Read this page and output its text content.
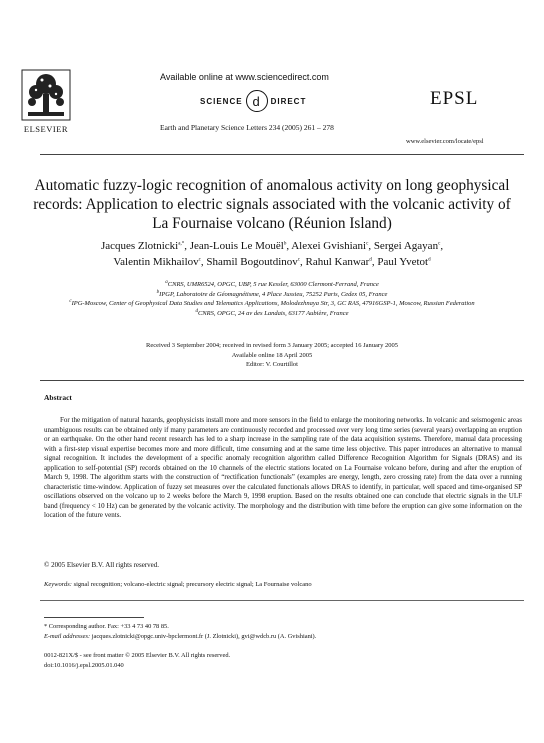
ELSEVIER
Available online at www.sciencedirect.com
SCIENCE d	DIRECT
Earth and Planetary Science Letters 234 (2005) 261 – 278
EPSL
www.elsevier.com/locate/epsl
Automatic fuzzy-logic recognition of anomalous activity on long geophysical records: Application to electric signals associated with the volcanic activity of La Fournaise volcano (Réunion Island)
Jacques Zlotnicki$^{a,*}$, Jean-Louis Le Mouël$^b$, Alexei Gvishiani$^c$, Sergei Agayan$^c$,
Valentin Mikhailov$^c$, Shamil Bogoutdinov$^c$, Rahul Kanwar$^d$, Paul Yvetot$^d$
$^a$CNRS, UMR6524, OPGC, UBP, 5 rue Kessler, 63000 Clermont-Ferrand, France
$^b$IPGP, Laboratoire de Géomagnétisme, 4 Place Jussieu, 75252 Paris, Cedex 05, France
$^c$IPG-Moscow, Center of Geophysical Data Studies and Telematics Applications, Molodezhnaya Str, 3, GC RAS, 47916GSP-1, Moscow, Russian Federation
$^d$CNRS, OPGC, 24 av des Landais, 63177 Aubière, France
Received 3 September 2004; received in revised form 3 January 2005; accepted 16 January 2005
Available online 18 April 2005
Editor: V. Courtillot
Abstract

For the mitigation of natural hazards, geophysicists install more and more sensors in the field to enlarge the monitoring networks. In volcanic and seismogenic areas unambiguous results can be obtained only if many parameters are continuously recorded and processed over very long time series (several years) overlapping an eruption or an earthquake. On the other hand recent research has led to a sharp increase in the sampling rate of the data acquisition systems. Therefore, manual data processing with a first-step visual expertise becomes more and more difficult, time consuming and at the same time less objective. This paper introduces an alternative to manual signal recognition. It includes the development of a specific anomaly recognition algorithm called Difference Recognition Algorithm for Signals (DRAS) and its application to self-potential (SP) records obtained on the 10 channels of the electric stations located on La Fournaise volcano before, during and after the eruption of March 9, 1998. The algorithm starts with the construction of “rectification functionals” (examples are energy, length, zero crossing rate) from the data over a running characteristic time-window. Application of fuzzy set measures over the calculated functionals allows DRAS to identify, in particular, well spaced and time-organised SP oscillations observed on the volcano up to 2 weeks before the March 9, 1998 eruption. Based on the results obtained one can conclude that electric signals in the ULF band (frequency < 10 Hz) can be generated by the volcanic activity. The morphology and the distribution with time before the eruption can give some information on the location of the future vents.

© 2005 Elsevier B.V. All rights reserved.
Keywords: signal recognition; volcano-electric signal; precursory electric signal; La Fournaise volcano
* Corresponding author. Fax: +33 4 73 40 78 85.
E-mail addresses: jacques.zlotnicki@opgc.univ-bpclermont.fr (J. Zlotnicki), gvi@wdcb.ru (A. Gvishiani).
0012-821X/$ - see front matter © 2005 Elsevier B.V. All rights reserved.
doi:10.1016/j.epsl.2005.01.040
